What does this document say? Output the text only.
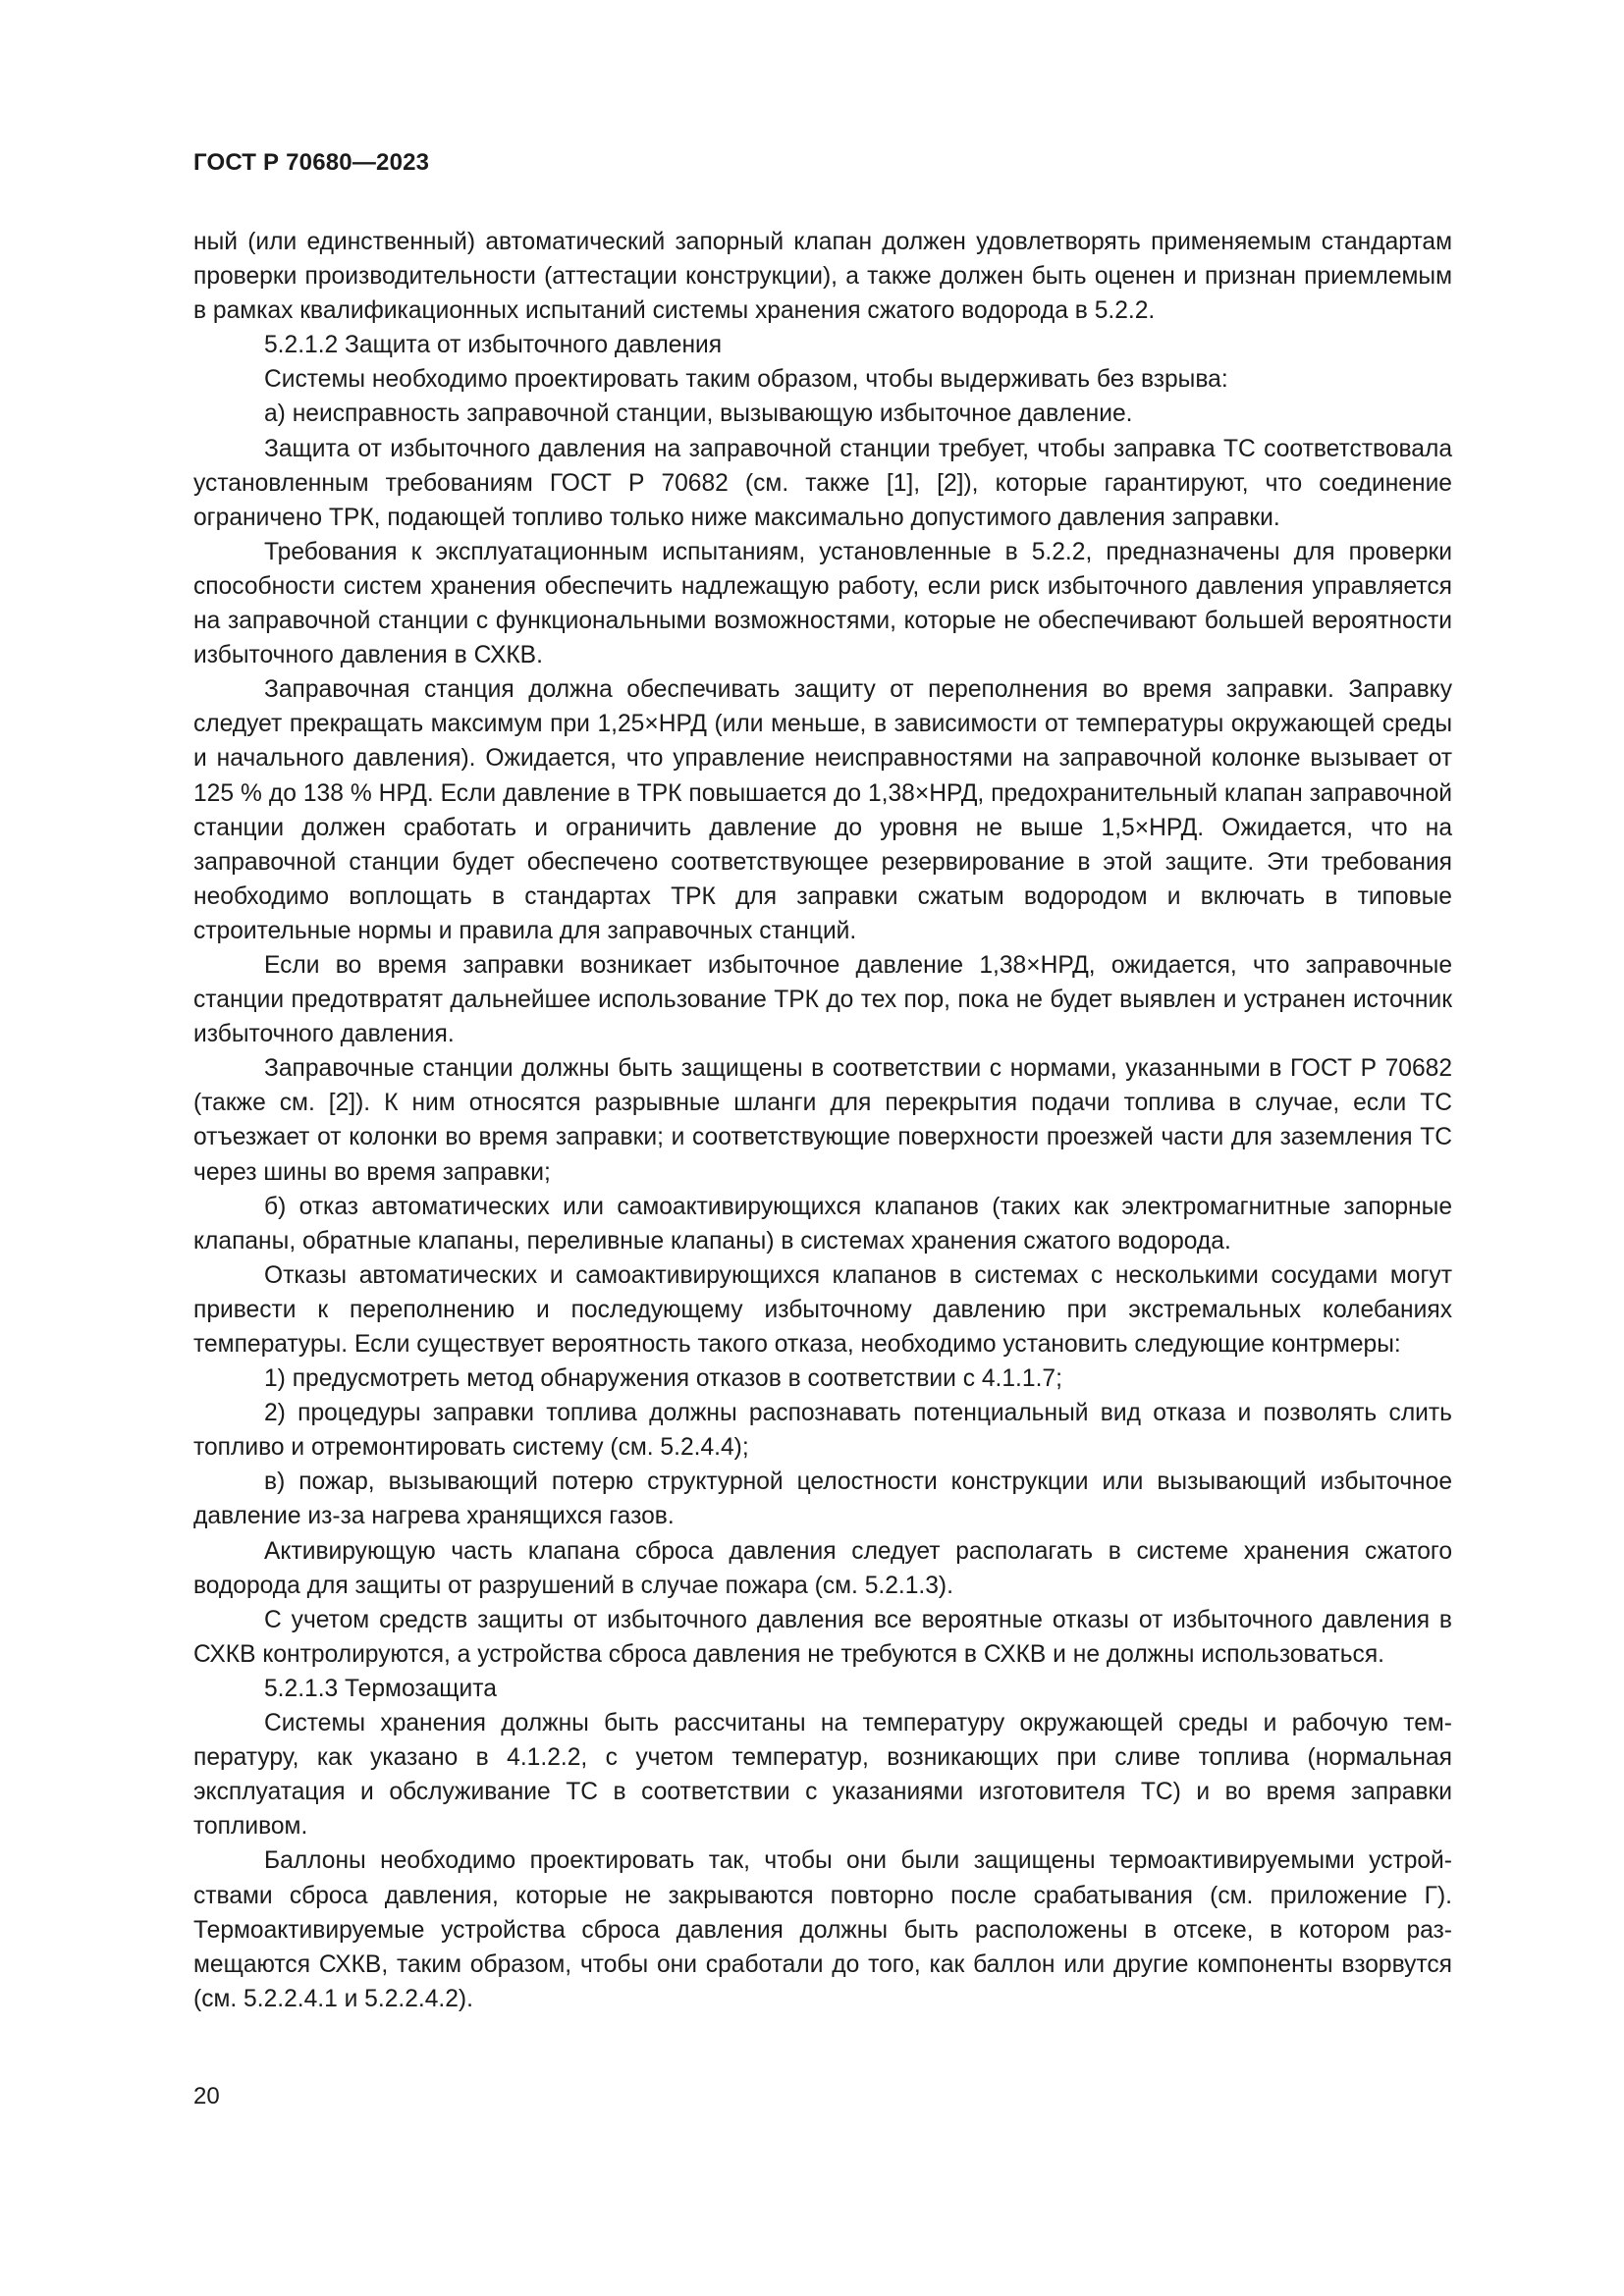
ГОСТ Р 70680—2023

ный (или единственный) автоматический запорный клапан должен удовлетворять применяемым стандартам проверки производительности (аттестации конструкции), а также должен быть оценен и признан приемлемым в рамках квалификационных испытаний системы хранения сжатого водорода в 5.2.2.

5.2.1.2 Защита от избыточного давления

Системы необходимо проектировать таким образом, чтобы выдерживать без взрыва:

а) неисправность заправочной станции, вызывающую избыточное давление.

Защита от избыточного давления на заправочной станции требует, чтобы заправка ТС соответствовала установленным требованиям ГОСТ Р 70682 (см. также [1], [2]), которые гарантируют, что соединение ограничено ТРК, подающей топливо только ниже максимально допустимого давления заправки.

Требования к эксплуатационным испытаниям, установленные в 5.2.2, предназначены для проверки способности систем хранения обеспечить надлежащую работу, если риск избыточного давления управляется на заправочной станции с функциональными возможностями, которые не обеспечивают большей вероятности избыточного давления в СХКВ.

Заправочная станция должна обеспечивать защиту от переполнения во время заправки. Заправку следует прекращать максимум при 1,25×НРД (или меньше, в зависимости от температуры окружающей среды и начального давления). Ожидается, что управление неисправностями на заправочной колонке вызывает от 125 % до 138 % НРД. Если давление в ТРК повышается до 1,38×НРД, предохранительный клапан заправочной станции должен сработать и ограничить давление до уровня не выше 1,5×НРД. Ожидается, что на заправочной станции будет обеспечено соответствующее резервирование в этой защите. Эти требования необходимо воплощать в стандартах ТРК для заправки сжатым водородом и включать в типовые строительные нормы и правила для заправочных станций.

Если во время заправки возникает избыточное давление 1,38×НРД, ожидается, что заправочные станции предотвратят дальнейшее использование ТРК до тех пор, пока не будет выявлен и устранен источник избыточного давления.

Заправочные станции должны быть защищены в соответствии с нормами, указанными в ГОСТ Р 70682 (также см. [2]). К ним относятся разрывные шланги для перекрытия подачи топлива в случае, если ТС отъезжает от колонки во время заправки; и соответствующие поверхности проезжей части для заземления ТС через шины во время заправки;

б) отказ автоматических или самоактивирующихся клапанов (таких как электромагнитные запорные клапаны, обратные клапаны, переливные клапаны) в системах хранения сжатого водорода.

Отказы автоматических и самоактивирующихся клапанов в системах с несколькими сосудами могут привести к переполнению и последующему избыточному давлению при экстремальных колебаниях температуры. Если существует вероятность такого отказа, необходимо установить следующие контрмеры:

1) предусмотреть метод обнаружения отказов в соответствии с 4.1.1.7;

2) процедуры заправки топлива должны распознавать потенциальный вид отказа и позволять слить топливо и отремонтировать систему (см. 5.2.4.4);

в) пожар, вызывающий потерю структурной целостности конструкции или вызывающий избыточное давление из-за нагрева хранящихся газов.

Активирующую часть клапана сброса давления следует располагать в системе хранения сжатого водорода для защиты от разрушений в случае пожара (см. 5.2.1.3).

С учетом средств защиты от избыточного давления все вероятные отказы от избыточного давления в СХКВ контролируются, а устройства сброса давления не требуются в СХКВ и не должны использоваться.

5.2.1.3 Термозащита

Системы хранения должны быть рассчитаны на температуру окружающей среды и рабочую температуру, как указано в 4.1.2.2, с учетом температур, возникающих при сливе топлива (нормальная эксплуатация и обслуживание ТС в соответствии с указаниями изготовителя ТС) и во время заправки топливом.

Баллоны необходимо проектировать так, чтобы они были защищены термоактивируемыми устройствами сброса давления, которые не закрываются повторно после срабатывания (см. приложение Г). Термоактивируемые устройства сброса давления должны быть расположены в отсеке, в котором размещаются СХКВ, таким образом, чтобы они сработали до того, как баллон или другие компоненты взорвутся (см. 5.2.2.4.1 и 5.2.2.4.2).

20
